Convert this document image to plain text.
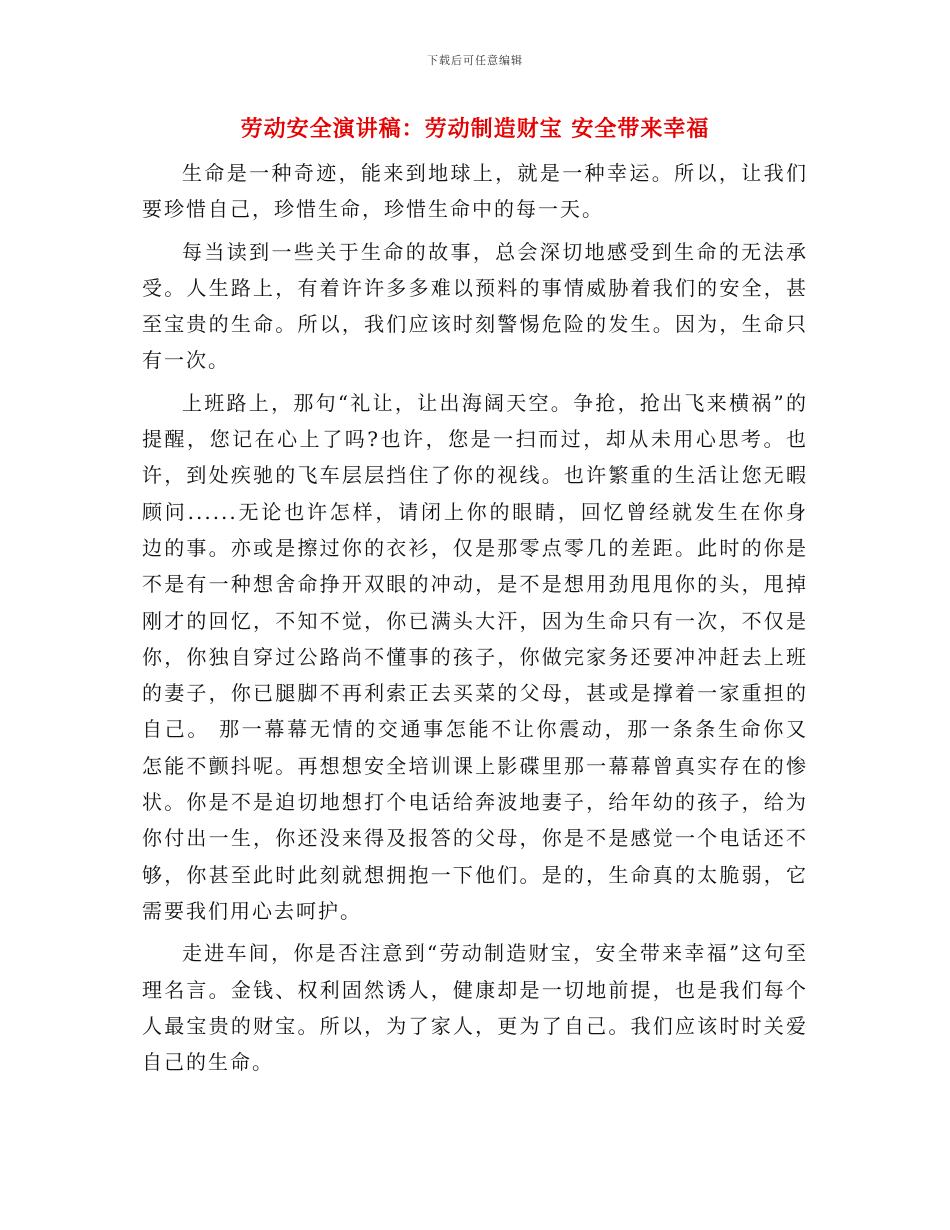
下载后可任意编辑
劳动安全演讲稿：劳动制造财宝 安全带来幸福

生命是一种奇迹，能来到地球上，就是一种幸运。所以，让我们要珍惜自己，珍惜生命，珍惜生命中的每一天。

每当读到一些关于生命的故事，总会深切地感受到生命的无法承受。人生路上，有着许许多多难以预料的事情威胁着我们的安全，甚至宝贵的生命。所以，我们应该时刻警惕危险的发生。因为，生命只有一次。

上班路上，那句“礼让，让出海阔天空。争抢，抢出飞来横祸”的提醒，您记在心上了吗?也许，您是一扫而过，却从未用心思考。也许，到处疾驰的飞车层层挡住了你的视线。也许繁重的生活让您无暇顾问......无论也许怎样，请闭上你的眼睛，回忆曾经就发生在你身边的事。亦或是擦过你的衣衫，仅是那零点零几的差距。此时的你是不是有一种想舍命挣开双眼的冲动，是不是想用劲甩甩你的头，甩掉刚才的回忆，不知不觉，你已满头大汗，因为生命只有一次，不仅是你，你独自穿过公路尚不懂事的孩子，你做完家务还要冲冲赶去上班的妻子，你已腿脚不再利索正去买菜的父母，甚或是撑着一家重担的自己。 那一幕幕无情的交通事怎能不让你震动，那一条条生命你又怎能不颤抖呢。再想想安全培训课上影碟里那一幕幕曾真实存在的惨状。你是不是迫切地想打个电话给奔波地妻子，给年幼的孩子，给为你付出一生，你还没来得及报答的父母，你是不是感觉一个电话还不够，你甚至此时此刻就想拥抱一下他们。是的，生命真的太脆弱，它需要我们用心去呵护。

走进车间，你是否注意到“劳动制造财宝，安全带来幸福”这句至理名言。金钱、权利固然诱人，健康却是一切地前提，也是我们每个人最宝贵的财宝。所以，为了家人，更为了自己。我们应该时时关爱自己的生命。
